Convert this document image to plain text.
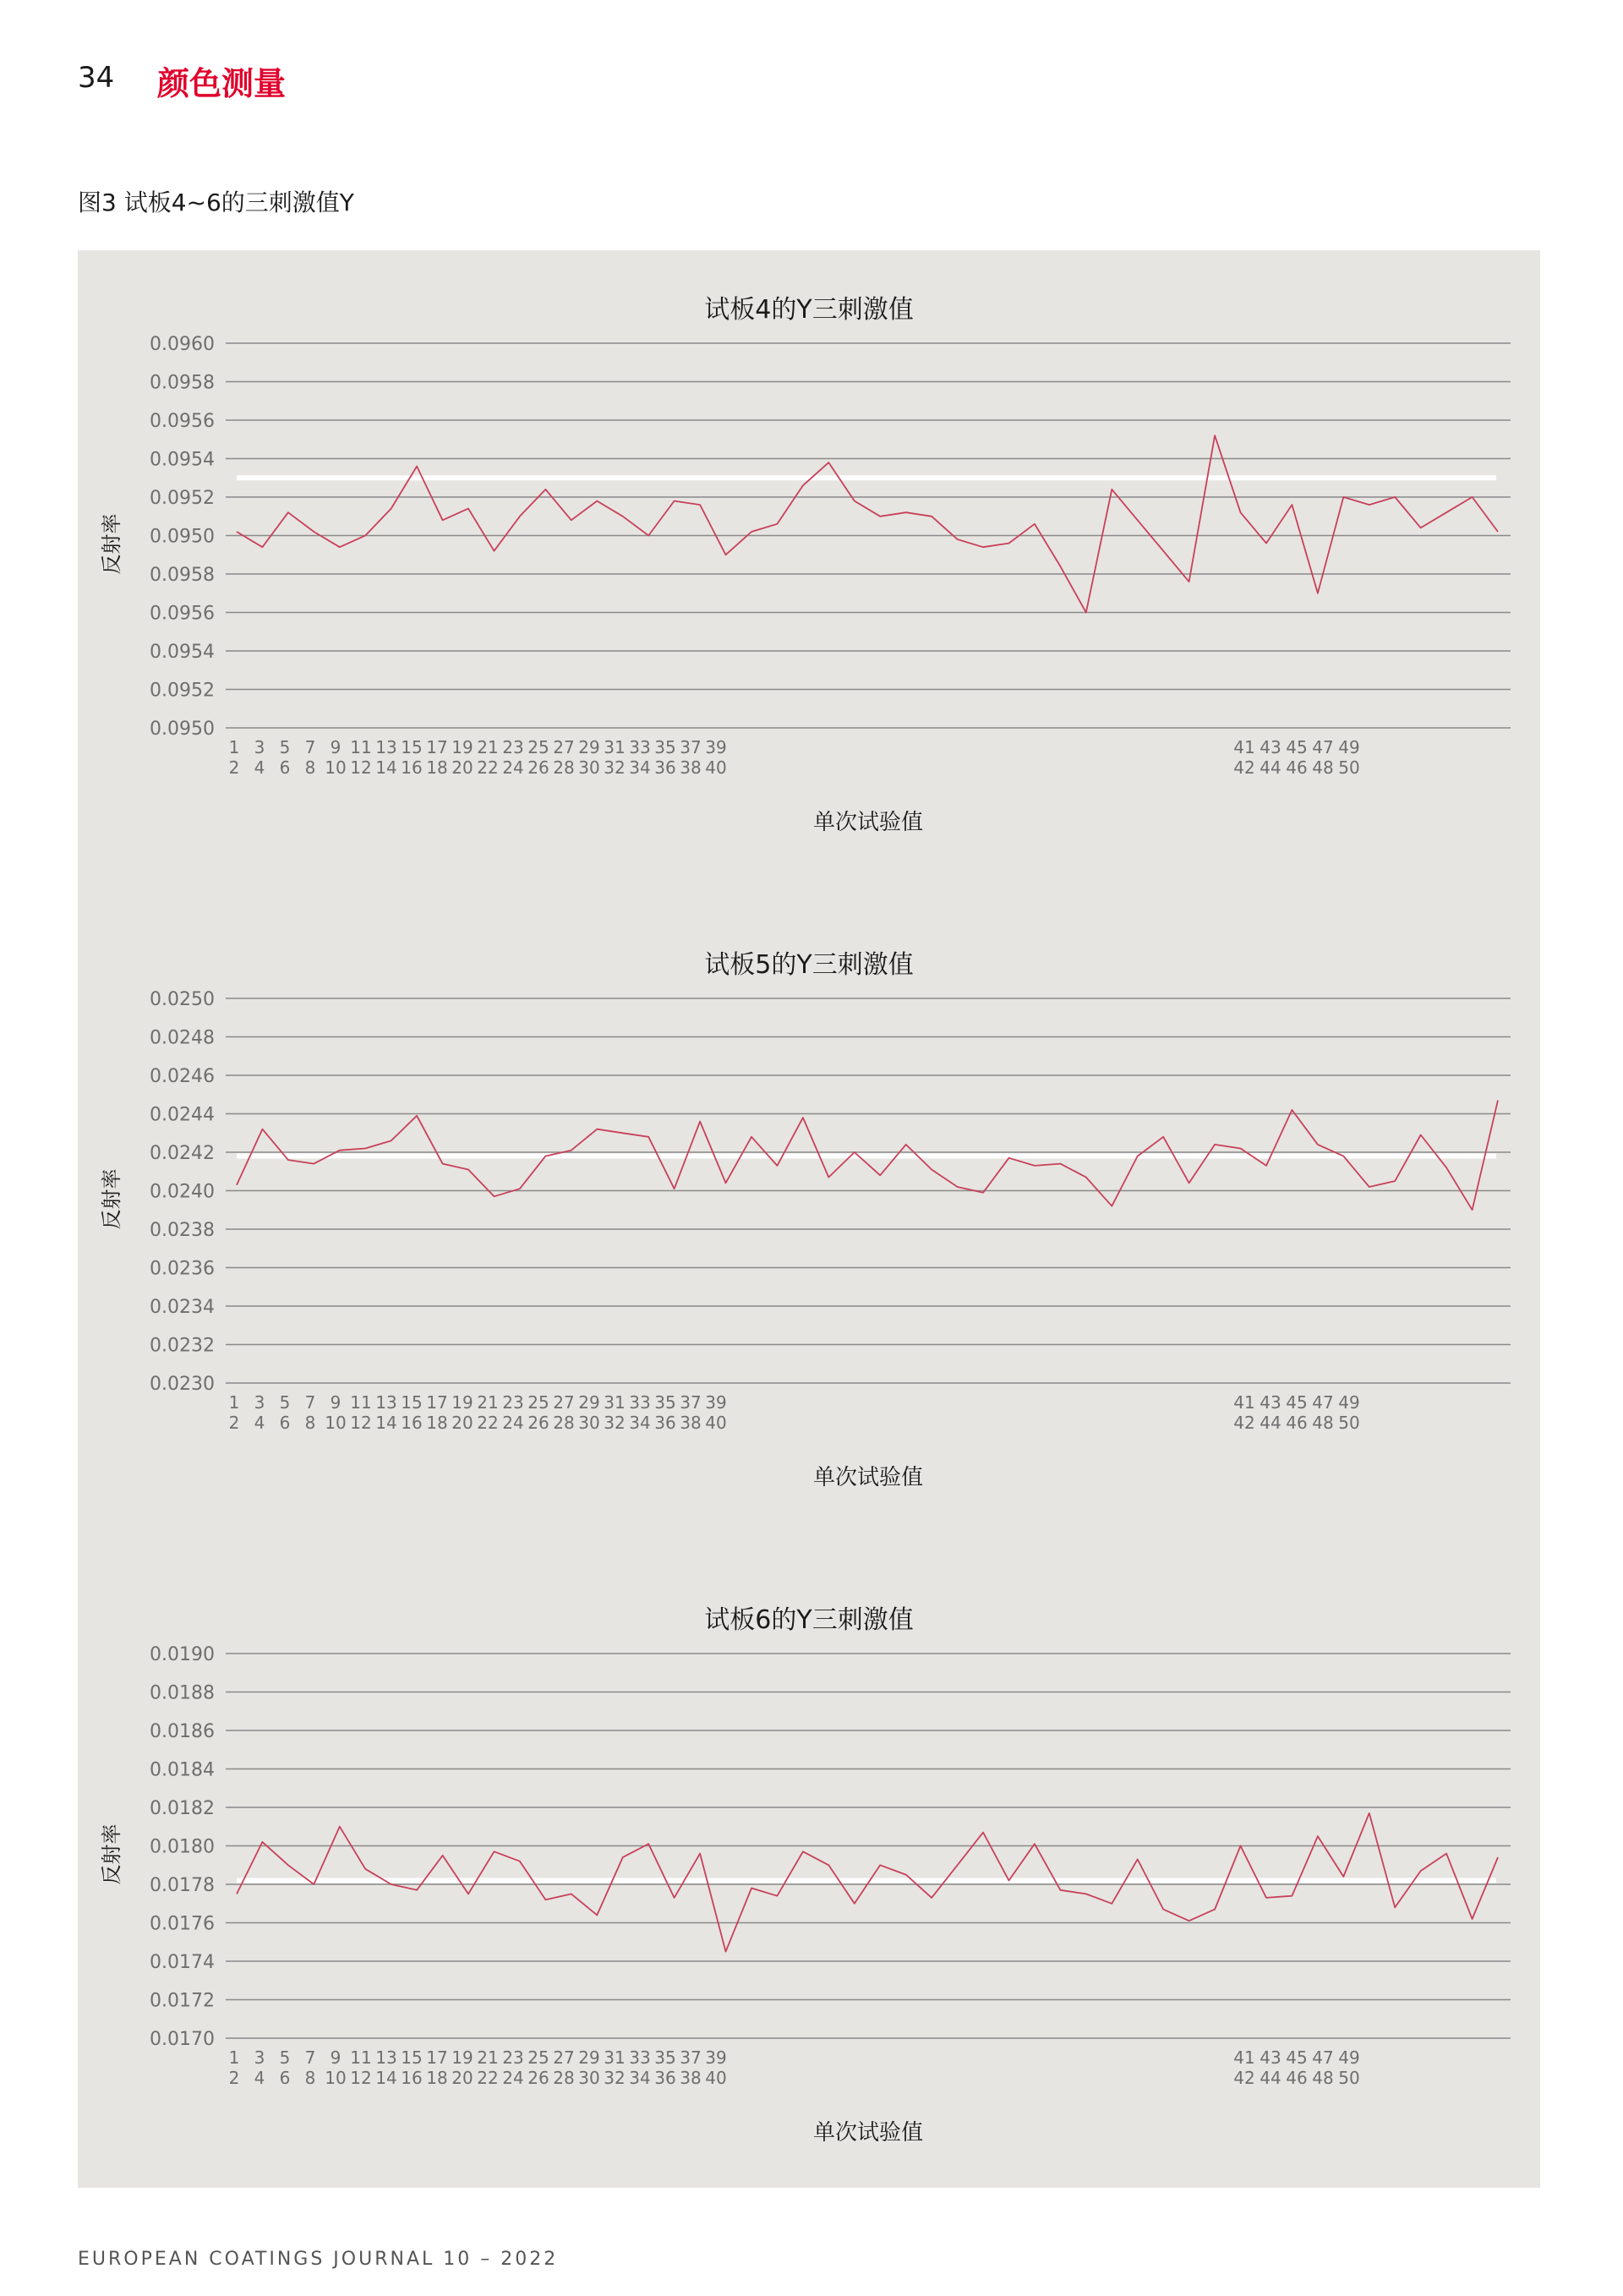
34 颜色测量
图3 试板4~6的三刺激值Y
试板4的Y三刺激值
0.0960
0.0958
0.0956
0.0954
0.0952
0.0950
0.0958
0.0956
0.0954
0.0952
0.0950
反射率
1 3 5 7 9 11 13 15 17 19 21 23 25 27 29 31 33 35 37 39	41 43 45 47 49
2 4 6 8 10 12 14 16 18 20 22 24 26 28 30 32 34 36 38 40	42 44 46 48 50
单次试验值
试板5的Y三刺激值
0.0250
0.0248
0.0246
0.0244
0.0242
0.0240
0.0238
0.0236
0.0234
0.0232
0.0230
反射率
1 3 5 7 9 11 13 15 17 19 21 23 25 27 29 31 33 35 37 39	41 43 45 47 49
2 4 6 8 10 12 14 16 18 20 22 24 26 28 30 32 34 36 38 40	42 44 46 48 50
单次试验值
试板6的Y三刺激值
0.0190
0.0188
0.0186
0.0184
0.0182
0.0180
0.0178
0.0176
0.0174
0.0172
0.0170
反射率
1 3 5 7 9 11 13 15 17 19 21 23 25 27 29 31 33 35 37 39	41 43 45 47 49
2 4 6 8 10 12 14 16 18 20 22 24 26 28 30 32 34 36 38 40	42 44 46 48 50
单次试验值
EUROPEAN COATINGS JOURNAL 10 – 2022
